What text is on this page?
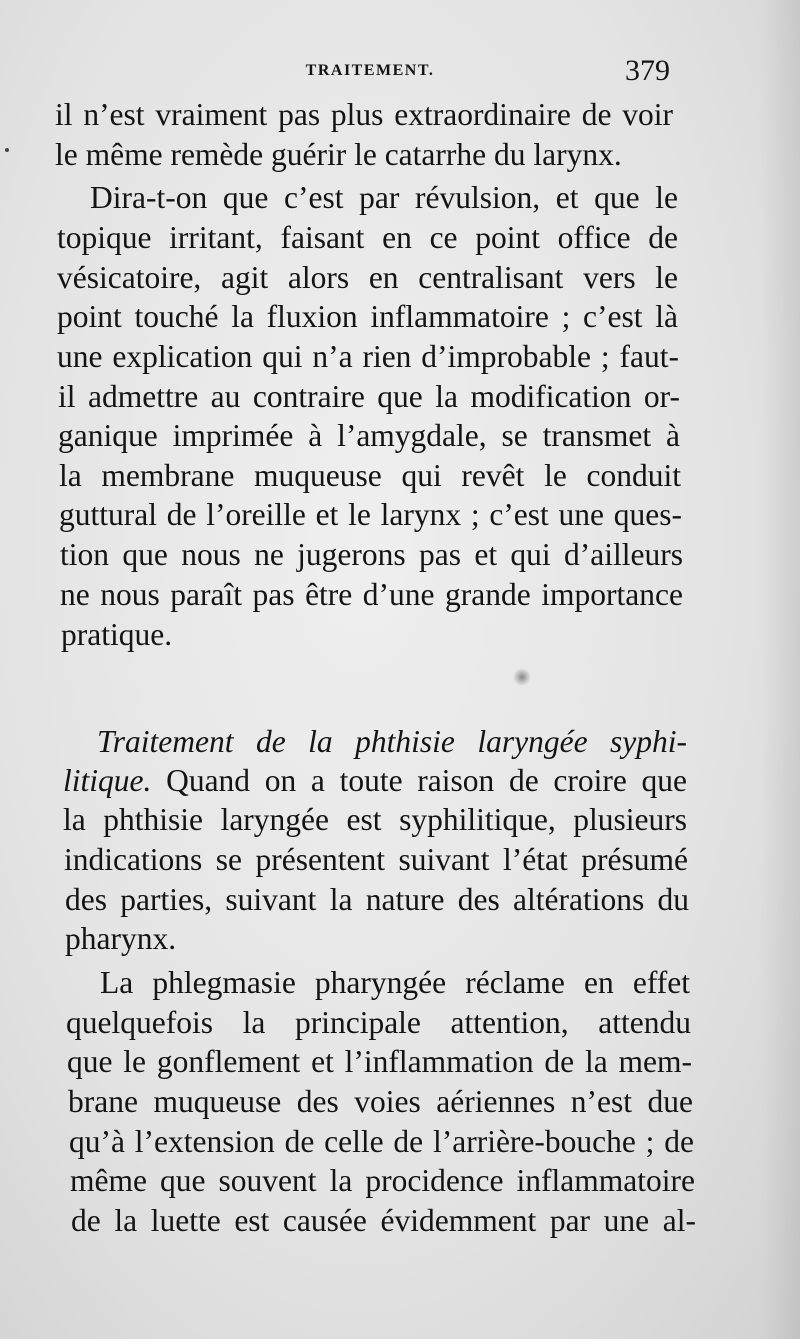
TRAITEMENT.	379
il n’est vraiment pas plus extraordinaire de voir
le même remède guérir le catarrhe du larynx.
Dira-t-on que c’est par révulsion, et que le
topique irritant, faisant en ce point office de
vésicatoire, agit alors en centralisant vers le
point touché la fluxion inflammatoire ; c’est là
une explication qui n’a rien d’improbable ; faut-
il admettre au contraire que la modification or-
ganique imprimée à l’amygdale, se transmet à
la membrane muqueuse qui revêt le conduit
guttural de l’oreille et le larynx ; c’est une ques-
tion que nous ne jugerons pas et qui d’ailleurs
ne nous paraît pas être d’une grande importance
pratique.
Traitement de la phthisie laryngée syphi-
litique. Quand on a toute raison de croire que
la phthisie laryngée est syphilitique, plusieurs
indications se présentent suivant l’état présumé
des parties, suivant la nature des altérations du
pharynx.
La phlegmasie pharyngée réclame en effet
quelquefois la principale attention, attendu
que le gonflement et l’inflammation de la mem-
brane muqueuse des voies aériennes n’est due
qu’à l’extension de celle de l’arrière-bouche ; de
même que souvent la procidence inflammatoire
de la luette est causée évidemment par une al-
